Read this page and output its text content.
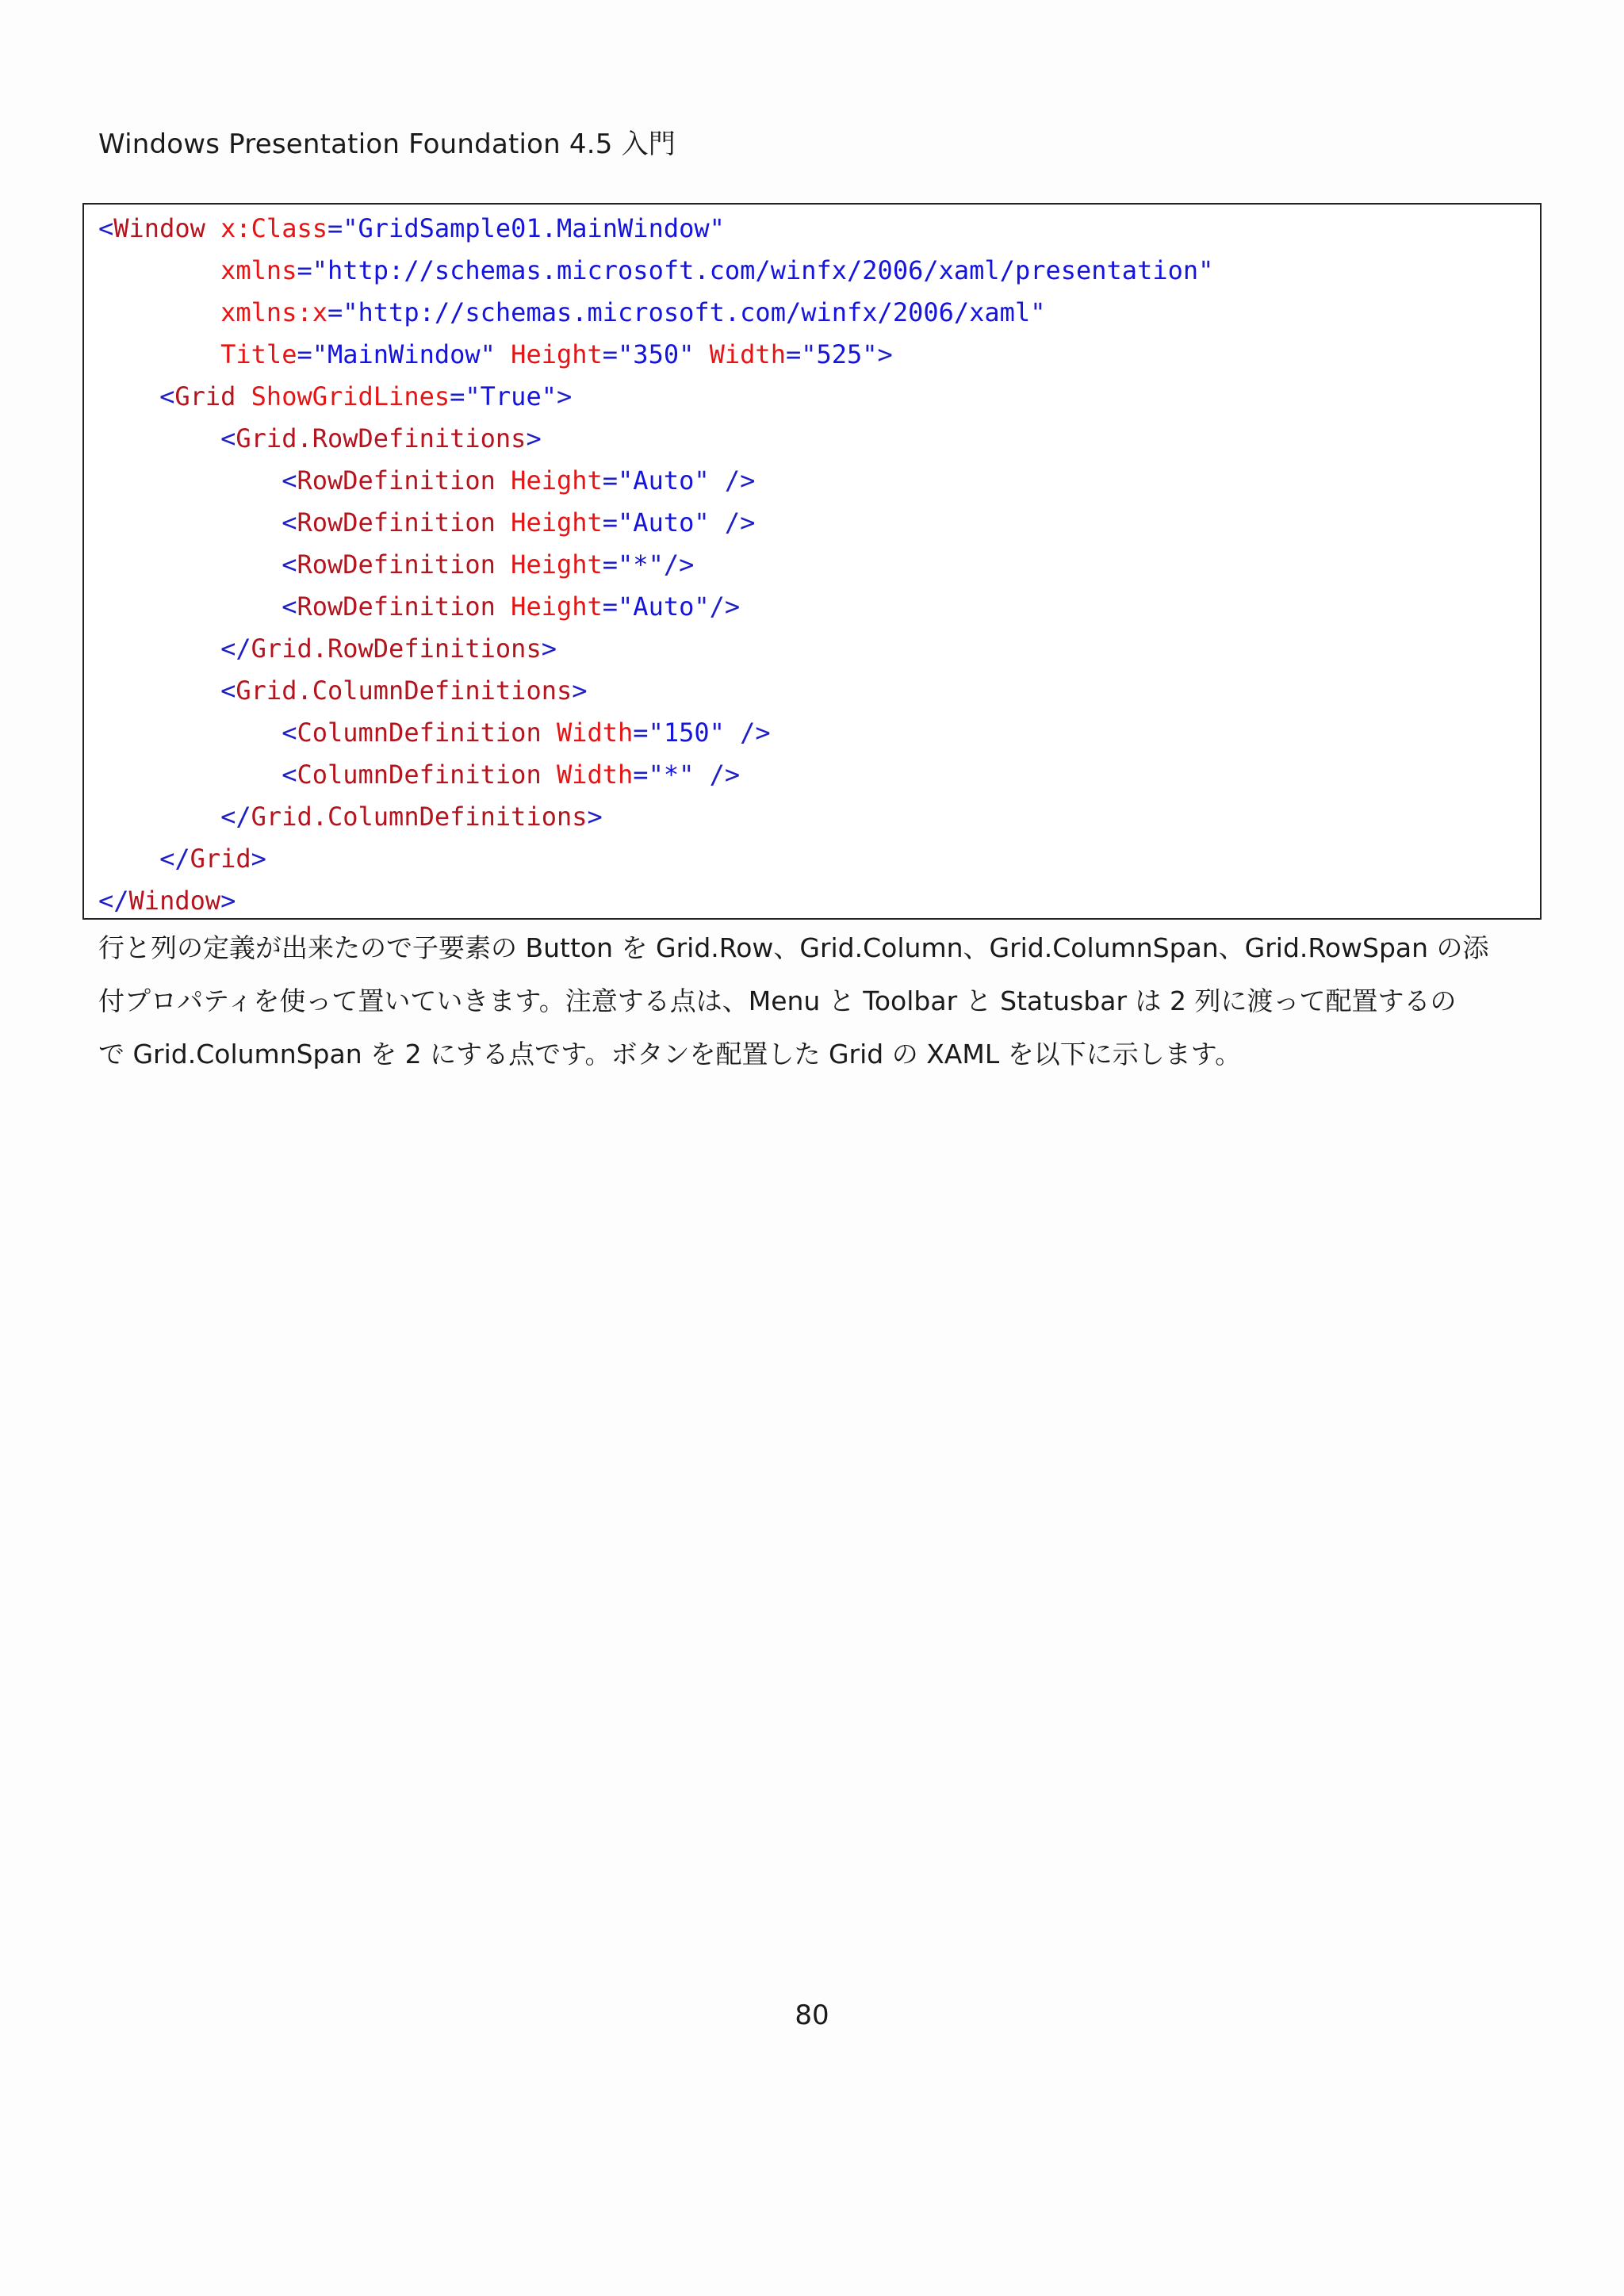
Windows Presentation Foundation 4.5 入門
<Window x:Class="GridSample01.MainWindow"
xmlns="http://schemas.microsoft.com/winfx/2006/xaml/presentation"
xmlns:x="http://schemas.microsoft.com/winfx/2006/xaml"
Title="MainWindow" Height="350" Width="525">
<Grid ShowGridLines="True">
<Grid.RowDefinitions>
<RowDefinition Height="Auto" />
<RowDefinition Height="Auto" />
<RowDefinition Height="*"/>
<RowDefinition Height="Auto"/>
</Grid.RowDefinitions>
<Grid.ColumnDefinitions>
<ColumnDefinition Width="150" />
<ColumnDefinition Width="*" />
</Grid.ColumnDefinitions>
</Grid>
</Window>
行と列の定義が出来たので子要素の Button を Grid.Row、Grid.Column、Grid.ColumnSpan、Grid.RowSpan の添
付プロパティを使って置いていきます。注意する点は、Menu と Toolbar と Statusbar は 2 列に渡って配置するの
で Grid.ColumnSpan を 2 にする点です。ボタンを配置した Grid の XAML を以下に示します。
80
